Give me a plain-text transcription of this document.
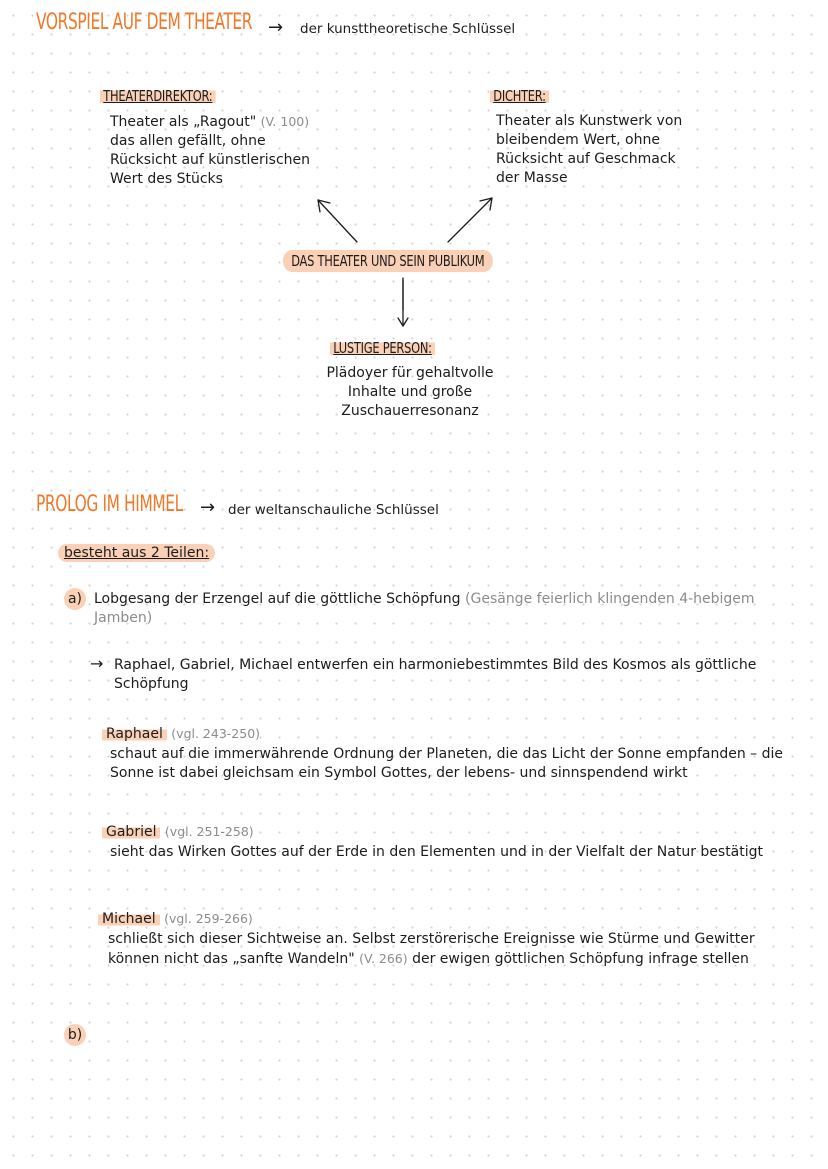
VORSPIEL AUF DEM THEATER → der kunsttheoretische Schlüssel
THEATERDIREKTOR:
Theater als „Ragout" (V. 100)
das allen gefällt, ohne
Rücksicht auf künstlerischen
Wert des Stücks
DICHTER:
Theater als Kunstwerk von
bleibendem Wert, ohne
Rücksicht auf Geschmack
der Masse
DAS THEATER UND SEIN PUBLIKUM
LUSTIGE PERSON:
Plädoyer für gehaltvolle
Inhalte und große
Zuschauerresonanz
PROLOG IM HIMMEL → der weltanschauliche Schlüssel
besteht aus 2 Teilen:
a) Lobgesang der Erzengel auf die göttliche Schöpfung (Gesänge feierlich klingenden 4-hebigem Jamben)
→ Raphael, Gabriel, Michael entwerfen ein harmoniebestimmtes Bild des Kosmos als göttliche Schöpfung
Raphael (vgl. 243-250)
schaut auf die immerwährende Ordnung der Planeten, die das Licht der Sonne empfanden – die Sonne ist dabei gleichsam ein Symbol Gottes, der lebens- und sinnspendend wirkt
Gabriel (vgl. 251-258)
sieht das Wirken Gottes auf der Erde in den Elementen und in der Vielfalt der Natur bestätigt
Michael (vgl. 259-266)
schließt sich dieser Sichtweise an. Selbst zerstörerische Ereignisse wie Stürme und Gewitter können nicht das „sanfte Wandeln" (V. 266) der ewigen göttlichen Schöpfung infrage stellen
b)
